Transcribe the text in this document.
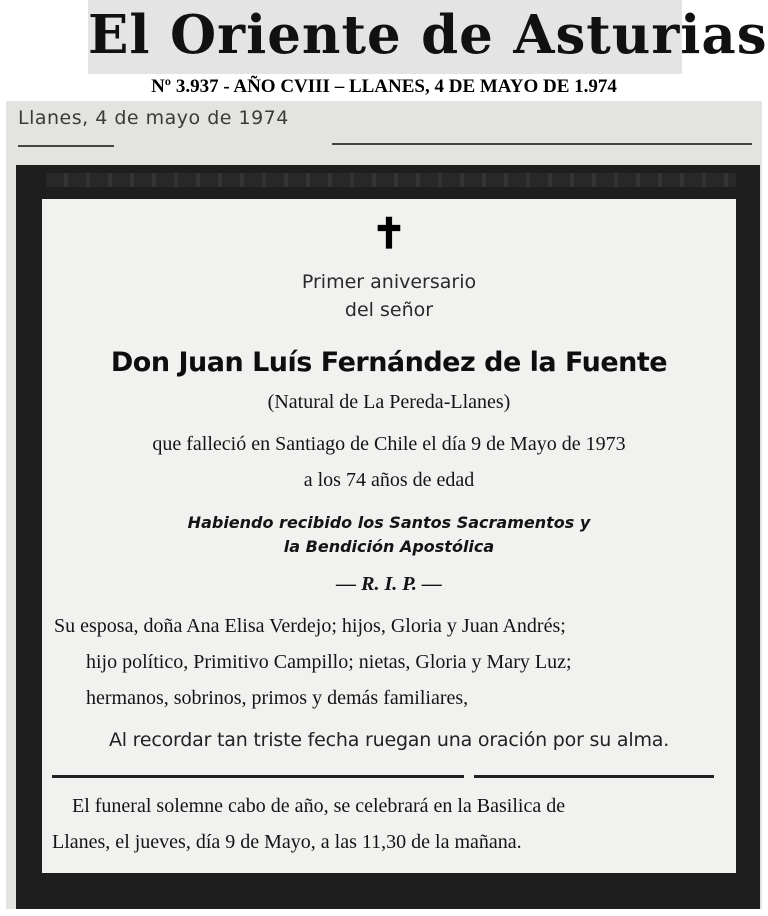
El Oriente de Asturias
Nº 3.937 - AÑO CVIII – LLANES, 4 DE MAYO DE 1.974
Llanes, 4 de mayo de 1974
✝
Primer aniversario
del señor
Don Juan Luís Fernández de la Fuente
(Natural de La Pereda-Llanes)
que falleció en Santiago de Chile el día 9 de Mayo de 1973
a los 74 años de edad
Habiendo recibido los Santos Sacramentos y
la Bendición Apostólica
— R. I. P. —
Su esposa, doña Ana Elisa Verdejo; hijos, Gloria y Juan Andrés;
hijo político, Primitivo Campillo; nietas, Gloria y Mary Luz;
hermanos, sobrinos, primos y demás familiares,
Al recordar tan triste fecha ruegan una oración por su alma.
El funeral solemne cabo de año, se celebrará en la Basilica de
Llanes, el jueves, día 9 de Mayo, a las 11,30 de la mañana.
